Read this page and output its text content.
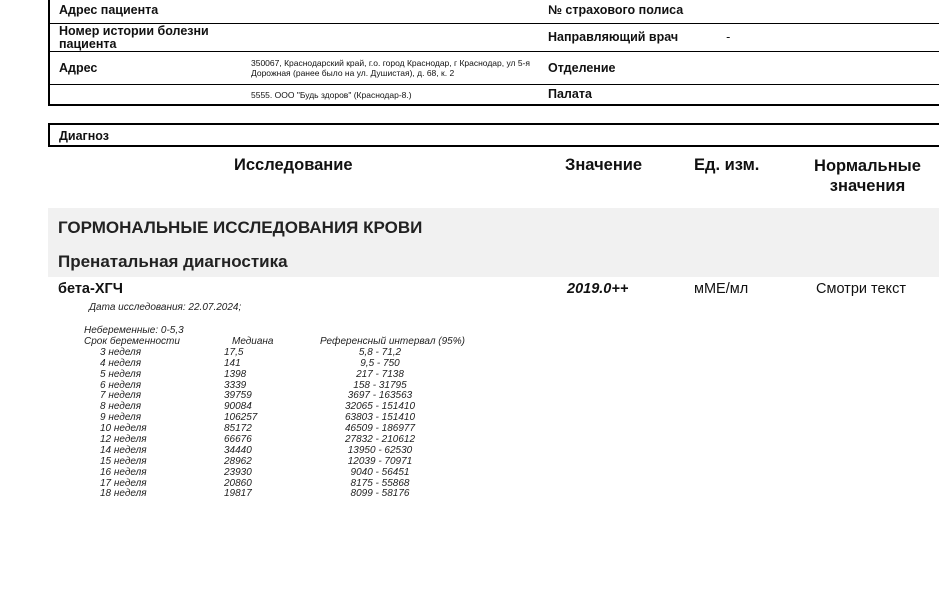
Адрес пациента		№ страхового полиса	
Номер истории болезни пациента		Направляющий врач -	
Адрес	350067, Краснодарский край, г.о. город Краснодар, г Краснодар, ул 5-я Дорожная (ранее было на ул. Душистая), д. 68, к. 2	Отделение	
	5555. ООО "Будь здоров" (Краснодар-8.)	Палата	
Диагноз
Исследование	Значение	Ед. изм.	Нормальные значения
ГОРМОНАЛЬНЫЕ ИССЛЕДОВАНИЯ КРОВИ
Пренатальная диагностика
бета-ХГЧ	2019.0++	мМЕ/мл	Смотри текст
Дата исследования: 22.07.2024;
Небеременные: 0-5,3
Срок беременности	Медиана	Референсный интервал (95%)
3 неделя	17,5	5,8 - 71,2
4 неделя	141	9,5 - 750
5 неделя	1398	217 - 7138
6 неделя	3339	158 - 31795
7 неделя	39759	3697 - 163563
8 неделя	90084	32065 - 151410
9 неделя	106257	63803 - 151410
10 неделя	85172	46509 - 186977
12 неделя	66676	27832 - 210612
14 неделя	34440	13950 - 62530
15 неделя	28962	12039 - 70971
16 неделя	23930	9040 - 56451
17 неделя	20860	8175 - 55868
18 неделя	19817	8099 - 58176
